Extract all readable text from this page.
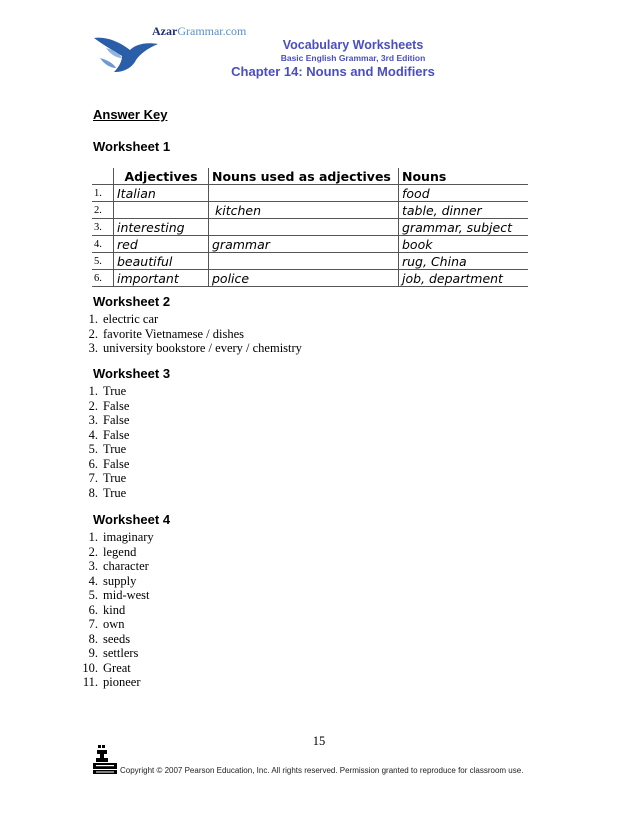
AzarGrammar.com
Vocabulary Worksheets
Basic English Grammar, 3rd Edition
Chapter 14: Nouns and Modifiers
Answer Key
Worksheet 1
	Adjectives	Nouns used as adjectives	Nouns
1.	Italian		food
2.		kitchen	table, dinner
3.	interesting		grammar, subject
4.	red	grammar	book
5.	beautiful		rug, China
6.	important	police	job, department
Worksheet 2
1. electric car
2. favorite Vietnamese / dishes
3. university bookstore / every / chemistry
Worksheet 3
1. True
2. False
3. False
4. False
5. True
6. False
7. True
8. True
Worksheet 4
1. imaginary
2. legend
3. character
4. supply
5. mid-west
6. kind
7. own
8. seeds
9. settlers
10. Great
11. pioneer
15
Copyright © 2007 Pearson Education, Inc. All rights reserved. Permission granted to reproduce for classroom use.
